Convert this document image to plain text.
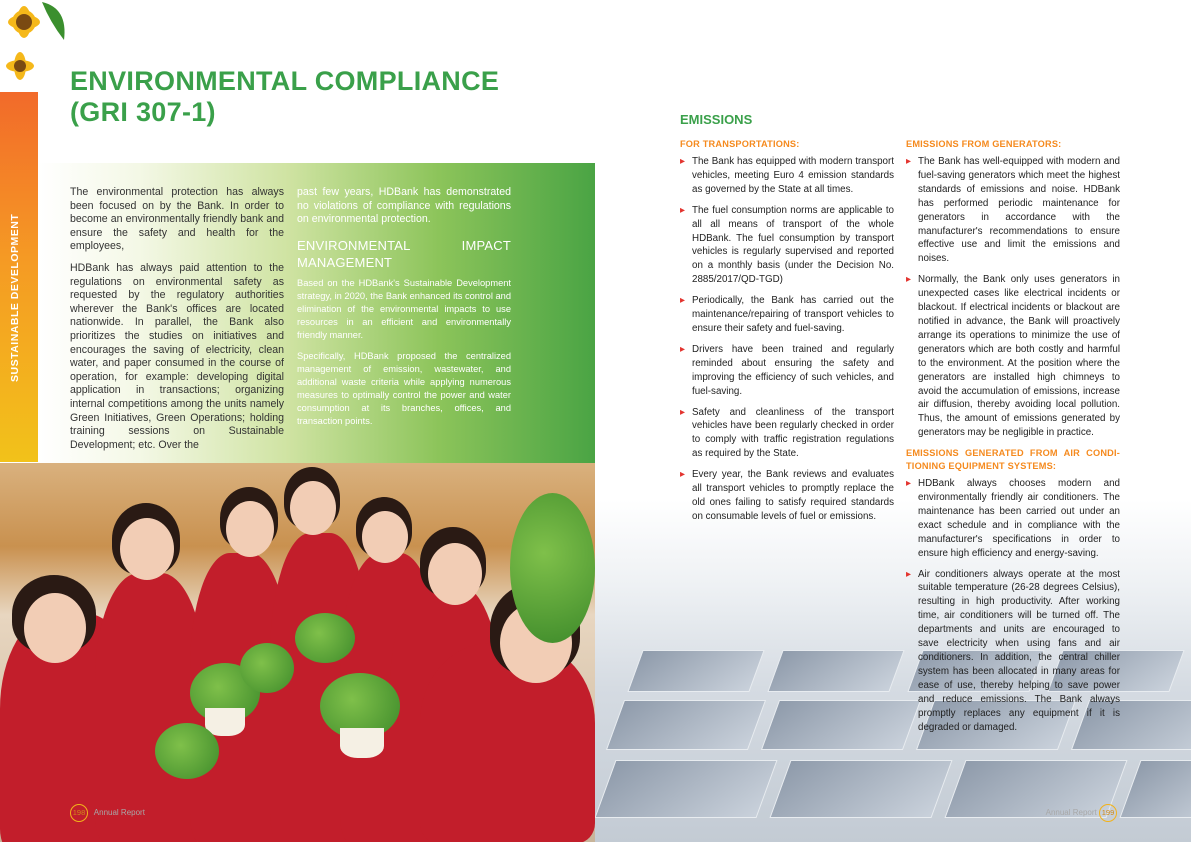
SUSTAINABLE DEVELOPMENT
ENVIRONMENTAL COMPLIANCE
(GRI 307-1)

The environmental protection has always been focused on by the Bank. In order to become an environmentally friendly bank and ensure the safety and health for the employees,

HDBank has always paid attention to the regulations on environmental safety as requested by the regulatory authorities wherever the Bank's offices are located nationwide. In parallel, the Bank also prioritizes the studies on initiatives and encourages the saving of electricity, clean water, and paper consumed in the course of operation, for example: developing digital application in transactions; organizing internal competitions among the units namely Green Initiatives, Green Operations; holding training sessions on Sustainable Development; etc. Over the

past few years, HDBank has demonstrated no violations of compliance with regulations on environmental protection.

ENVIRONMENTAL IMPACT MANAGEMENT

Based on the HDBank's Sustainable Development strategy, in 2020, the Bank enhanced its control and elimination of the environmental impacts to use resources in an efficient and environmentally friendly manner.

Specifically, HDBank proposed the centralized management of emission, wastewater, and additional waste criteria while applying numerous measures to optimally control the power and water consumption at its branches, offices, and transaction points.

198 Annual Report
EMISSIONS
FOR TRANSPORTATIONS:
▸ The Bank has equipped with modern transport vehicles, meeting Euro 4 emission standards as governed by the State at all times.
▸ The fuel consumption norms are applicable to all all means of transport of the whole HDBank. The fuel consumption by transport vehicles is regularly supervised and reported on a monthly basis (under the Decision No. 2885/2017/QD-TGD)
▸ Periodically, the Bank has carried out the maintenance/repairing of transport vehicles to ensure their safety and fuel-saving.
▸ Drivers have been trained and regularly reminded about ensuring the safety and improving the efficiency of such vehicles, and fuel-saving.
▸ Safety and cleanliness of the transport vehicles have been regularly checked in order to comply with traffic registration regulations as required by the State.
▸ Every year, the Bank reviews and evaluates all transport vehicles to promptly replace the old ones failing to satisfy required standards on consumable levels of fuel or emissions.
EMISSIONS FROM GENERATORS:
▸ The Bank has well-equipped with modern and fuel-saving generators which meet the highest standards of emissions and noise. HDBank has performed periodic maintenance for generators in accordance with the manufacturer's recommendations to ensure effective use and limit the emissions and noises.
▸ Normally, the Bank only uses generators in unexpected cases like electrical incidents or blackout. If electrical incidents or blackout are notified in advance, the Bank will proactively arrange its operations to minimize the use of generators which are both costly and harmful to the environment. At the position where the generators are installed high chimneys to avoid the accumulation of emissions, increase air diffusion, thereby avoiding local pollution. Thus, the amount of emissions generated by generators may be negligible in practice.
EMISSIONS GENERATED FROM AIR CONDI-TIONING EQUIPMENT SYSTEMS:
▸ HDBank always chooses modern and environmentally friendly air conditioners. The maintenance has been carried out under an exact schedule and in compliance with the manufacturer's specifications in order to ensure high efficiency and energy-saving.
▸ Air conditioners always operate at the most suitable temperature (26-28 degrees Celsius), resulting in high productivity. After working time, air conditioners will be turned off. The departments and units are encouraged to save electricity when using fans and air conditioners. In addition, the central chiller system has been allocated in many areas for ease of use, thereby helping to save power and reduce emissions. The Bank always promptly replaces any equipment if it is degraded or damaged.
Annual Report 199
